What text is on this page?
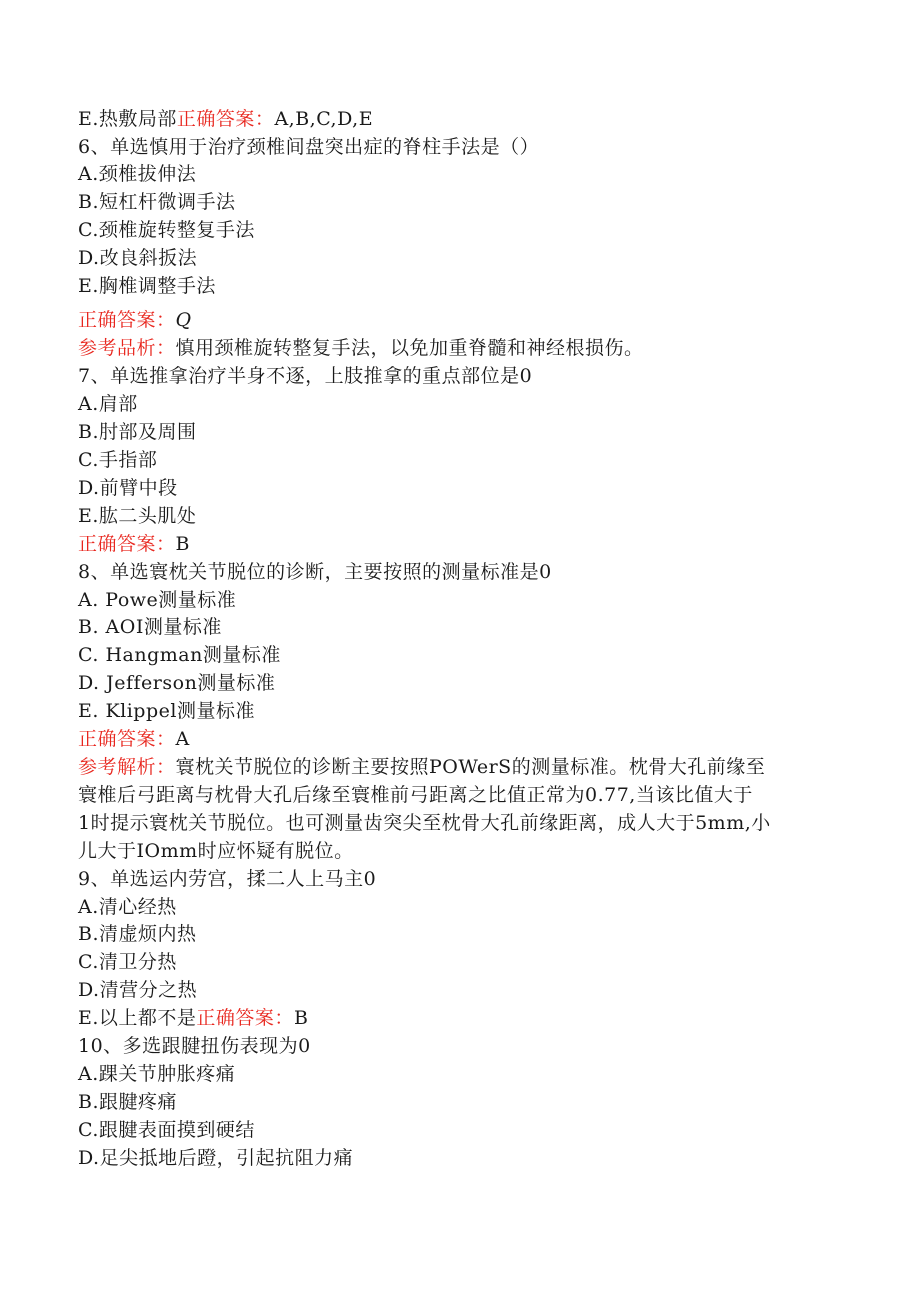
E.热敷局部正确答案：A,B,C,D,E
6、单选慎用于治疗颈椎间盘突出症的脊柱手法是（）
A.颈椎拔伸法
B.短杠杆微调手法
C.颈椎旋转整复手法
D.改良斜扳法
E.胸椎调整手法
正确答案：Q
参考品析：慎用颈椎旋转整复手法，以免加重脊髓和神经根损伤。
7、单选推拿治疗半身不逐，上肢推拿的重点部位是0
A.肩部
B.肘部及周围
C.手指部
D.前臂中段
E.肱二头肌处
正确答案：B
8、单选寰枕关节脱位的诊断，主要按照的测量标准是0
A. Powe测量标准
B. AOI测量标准
C. Hangman测量标准
D. Jefferson测量标准
E. Klippel测量标准
正确答案：A
参考解析：寰枕关节脱位的诊断主要按照POWerS的测量标准。枕骨大孔前缘至
寰椎后弓距离与枕骨大孔后缘至寰椎前弓距离之比值正常为0.77,当该比值大于
1时提示寰枕关节脱位。也可测量齿突尖至枕骨大孔前缘距离，成人大于5mm,小
儿大于IOmm时应怀疑有脱位。
9、单选运内劳宫，揉二人上马主0
A.清心经热
B.清虚烦内热
C.清卫分热
D.清营分之热
E.以上都不是正确答案：B
10、多选跟腱扭伤表现为0
A.踝关节肿胀疼痛
B.跟腱疼痛
C.跟腱表面摸到硬结
D.足尖抵地后蹬，引起抗阻力痛
